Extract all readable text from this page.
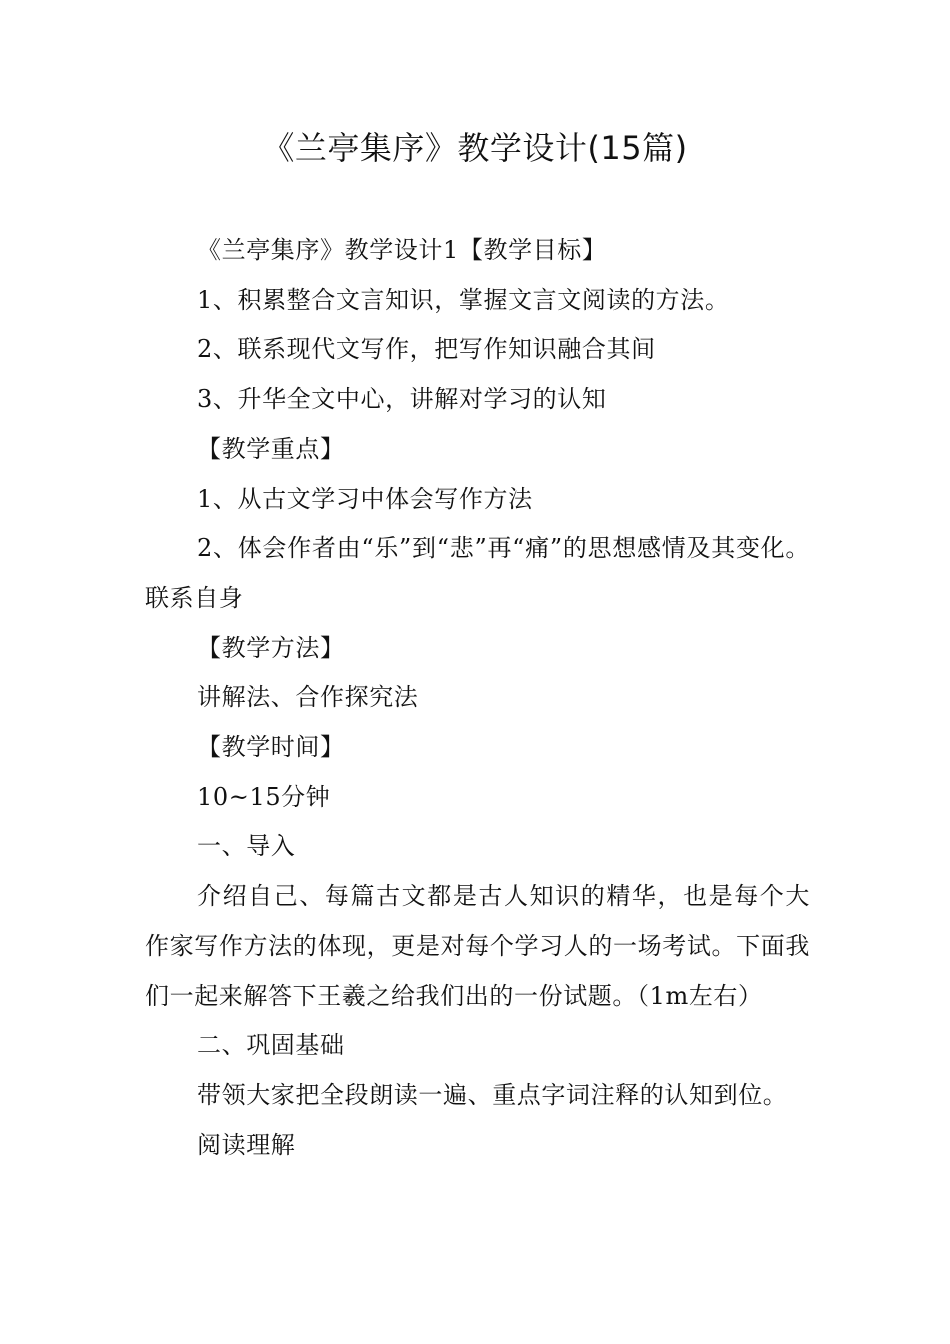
《兰亭集序》教学设计(15篇)

《兰亭集序》教学设计1【教学目标】

1、积累整合文言知识，掌握文言文阅读的方法。

2、联系现代文写作，把写作知识融合其间

3、升华全文中心，讲解对学习的认知

【教学重点】

1、从古文学习中体会写作方法

2、体会作者由“乐”到“悲”再“痛”的思想感情及其变化。联系自身

【教学方法】

讲解法、合作探究法

【教学时间】

10~15分钟

一、导入

介绍自己、每篇古文都是古人知识的精华，也是每个大作家写作方法的体现，更是对每个学习人的一场考试。下面我们一起来解答下王羲之给我们出的一份试题。（1m左右）

二、巩固基础

带领大家把全段朗读一遍、重点字词注释的认知到位。

阅读理解
